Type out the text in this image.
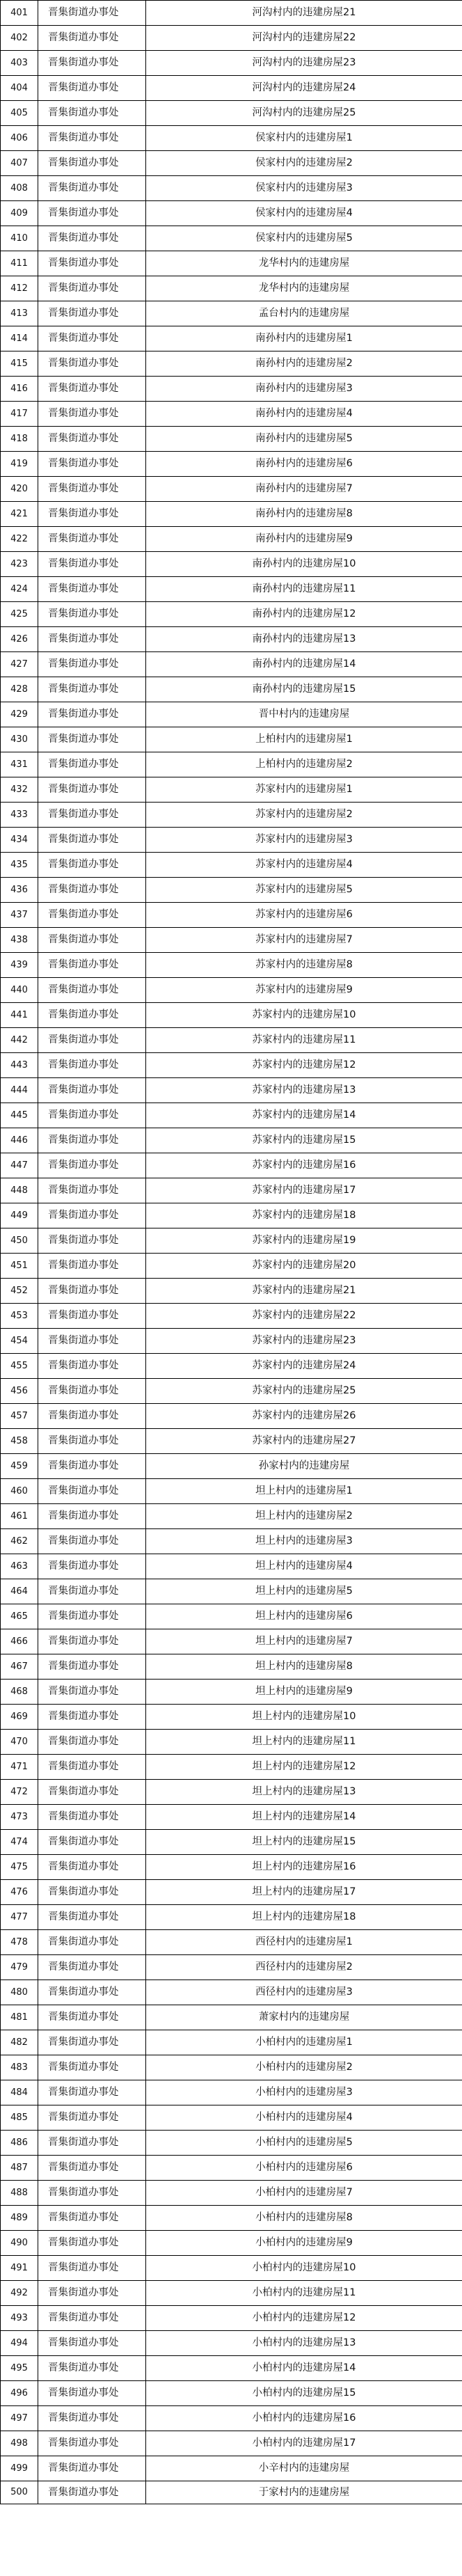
401	晋集街道办事处	河沟村内的违建房屋21
402	晋集街道办事处	河沟村内的违建房屋22
403	晋集街道办事处	河沟村内的违建房屋23
404	晋集街道办事处	河沟村内的违建房屋24
405	晋集街道办事处	河沟村内的违建房屋25
406	晋集街道办事处	侯家村内的违建房屋1
407	晋集街道办事处	侯家村内的违建房屋2
408	晋集街道办事处	侯家村内的违建房屋3
409	晋集街道办事处	侯家村内的违建房屋4
410	晋集街道办事处	侯家村内的违建房屋5
411	晋集街道办事处	龙华村内的违建房屋
412	晋集街道办事处	龙华村内的违建房屋
413	晋集街道办事处	孟台村内的违建房屋
414	晋集街道办事处	南孙村内的违建房屋1
415	晋集街道办事处	南孙村内的违建房屋2
416	晋集街道办事处	南孙村内的违建房屋3
417	晋集街道办事处	南孙村内的违建房屋4
418	晋集街道办事处	南孙村内的违建房屋5
419	晋集街道办事处	南孙村内的违建房屋6
420	晋集街道办事处	南孙村内的违建房屋7
421	晋集街道办事处	南孙村内的违建房屋8
422	晋集街道办事处	南孙村内的违建房屋9
423	晋集街道办事处	南孙村内的违建房屋10
424	晋集街道办事处	南孙村内的违建房屋11
425	晋集街道办事处	南孙村内的违建房屋12
426	晋集街道办事处	南孙村内的违建房屋13
427	晋集街道办事处	南孙村内的违建房屋14
428	晋集街道办事处	南孙村内的违建房屋15
429	晋集街道办事处	晋中村内的违建房屋
430	晋集街道办事处	上柏村内的违建房屋1
431	晋集街道办事处	上柏村内的违建房屋2
432	晋集街道办事处	苏家村内的违建房屋1
433	晋集街道办事处	苏家村内的违建房屋2
434	晋集街道办事处	苏家村内的违建房屋3
435	晋集街道办事处	苏家村内的违建房屋4
436	晋集街道办事处	苏家村内的违建房屋5
437	晋集街道办事处	苏家村内的违建房屋6
438	晋集街道办事处	苏家村内的违建房屋7
439	晋集街道办事处	苏家村内的违建房屋8
440	晋集街道办事处	苏家村内的违建房屋9
441	晋集街道办事处	苏家村内的违建房屋10
442	晋集街道办事处	苏家村内的违建房屋11
443	晋集街道办事处	苏家村内的违建房屋12
444	晋集街道办事处	苏家村内的违建房屋13
445	晋集街道办事处	苏家村内的违建房屋14
446	晋集街道办事处	苏家村内的违建房屋15
447	晋集街道办事处	苏家村内的违建房屋16
448	晋集街道办事处	苏家村内的违建房屋17
449	晋集街道办事处	苏家村内的违建房屋18
450	晋集街道办事处	苏家村内的违建房屋19
451	晋集街道办事处	苏家村内的违建房屋20
452	晋集街道办事处	苏家村内的违建房屋21
453	晋集街道办事处	苏家村内的违建房屋22
454	晋集街道办事处	苏家村内的违建房屋23
455	晋集街道办事处	苏家村内的违建房屋24
456	晋集街道办事处	苏家村内的违建房屋25
457	晋集街道办事处	苏家村内的违建房屋26
458	晋集街道办事处	苏家村内的违建房屋27
459	晋集街道办事处	孙家村内的违建房屋
460	晋集街道办事处	坦上村内的违建房屋1
461	晋集街道办事处	坦上村内的违建房屋2
462	晋集街道办事处	坦上村内的违建房屋3
463	晋集街道办事处	坦上村内的违建房屋4
464	晋集街道办事处	坦上村内的违建房屋5
465	晋集街道办事处	坦上村内的违建房屋6
466	晋集街道办事处	坦上村内的违建房屋7
467	晋集街道办事处	坦上村内的违建房屋8
468	晋集街道办事处	坦上村内的违建房屋9
469	晋集街道办事处	坦上村内的违建房屋10
470	晋集街道办事处	坦上村内的违建房屋11
471	晋集街道办事处	坦上村内的违建房屋12
472	晋集街道办事处	坦上村内的违建房屋13
473	晋集街道办事处	坦上村内的违建房屋14
474	晋集街道办事处	坦上村内的违建房屋15
475	晋集街道办事处	坦上村内的违建房屋16
476	晋集街道办事处	坦上村内的违建房屋17
477	晋集街道办事处	坦上村内的违建房屋18
478	晋集街道办事处	西径村内的违建房屋1
479	晋集街道办事处	西径村内的违建房屋2
480	晋集街道办事处	西径村内的违建房屋3
481	晋集街道办事处	萧家村内的违建房屋
482	晋集街道办事处	小柏村内的违建房屋1
483	晋集街道办事处	小柏村内的违建房屋2
484	晋集街道办事处	小柏村内的违建房屋3
485	晋集街道办事处	小柏村内的违建房屋4
486	晋集街道办事处	小柏村内的违建房屋5
487	晋集街道办事处	小柏村内的违建房屋6
488	晋集街道办事处	小柏村内的违建房屋7
489	晋集街道办事处	小柏村内的违建房屋8
490	晋集街道办事处	小柏村内的违建房屋9
491	晋集街道办事处	小柏村内的违建房屋10
492	晋集街道办事处	小柏村内的违建房屋11
493	晋集街道办事处	小柏村内的违建房屋12
494	晋集街道办事处	小柏村内的违建房屋13
495	晋集街道办事处	小柏村内的违建房屋14
496	晋集街道办事处	小柏村内的违建房屋15
497	晋集街道办事处	小柏村内的违建房屋16
498	晋集街道办事处	小柏村内的违建房屋17
499	晋集街道办事处	小辛村内的违建房屋
500	晋集街道办事处	于家村内的违建房屋
